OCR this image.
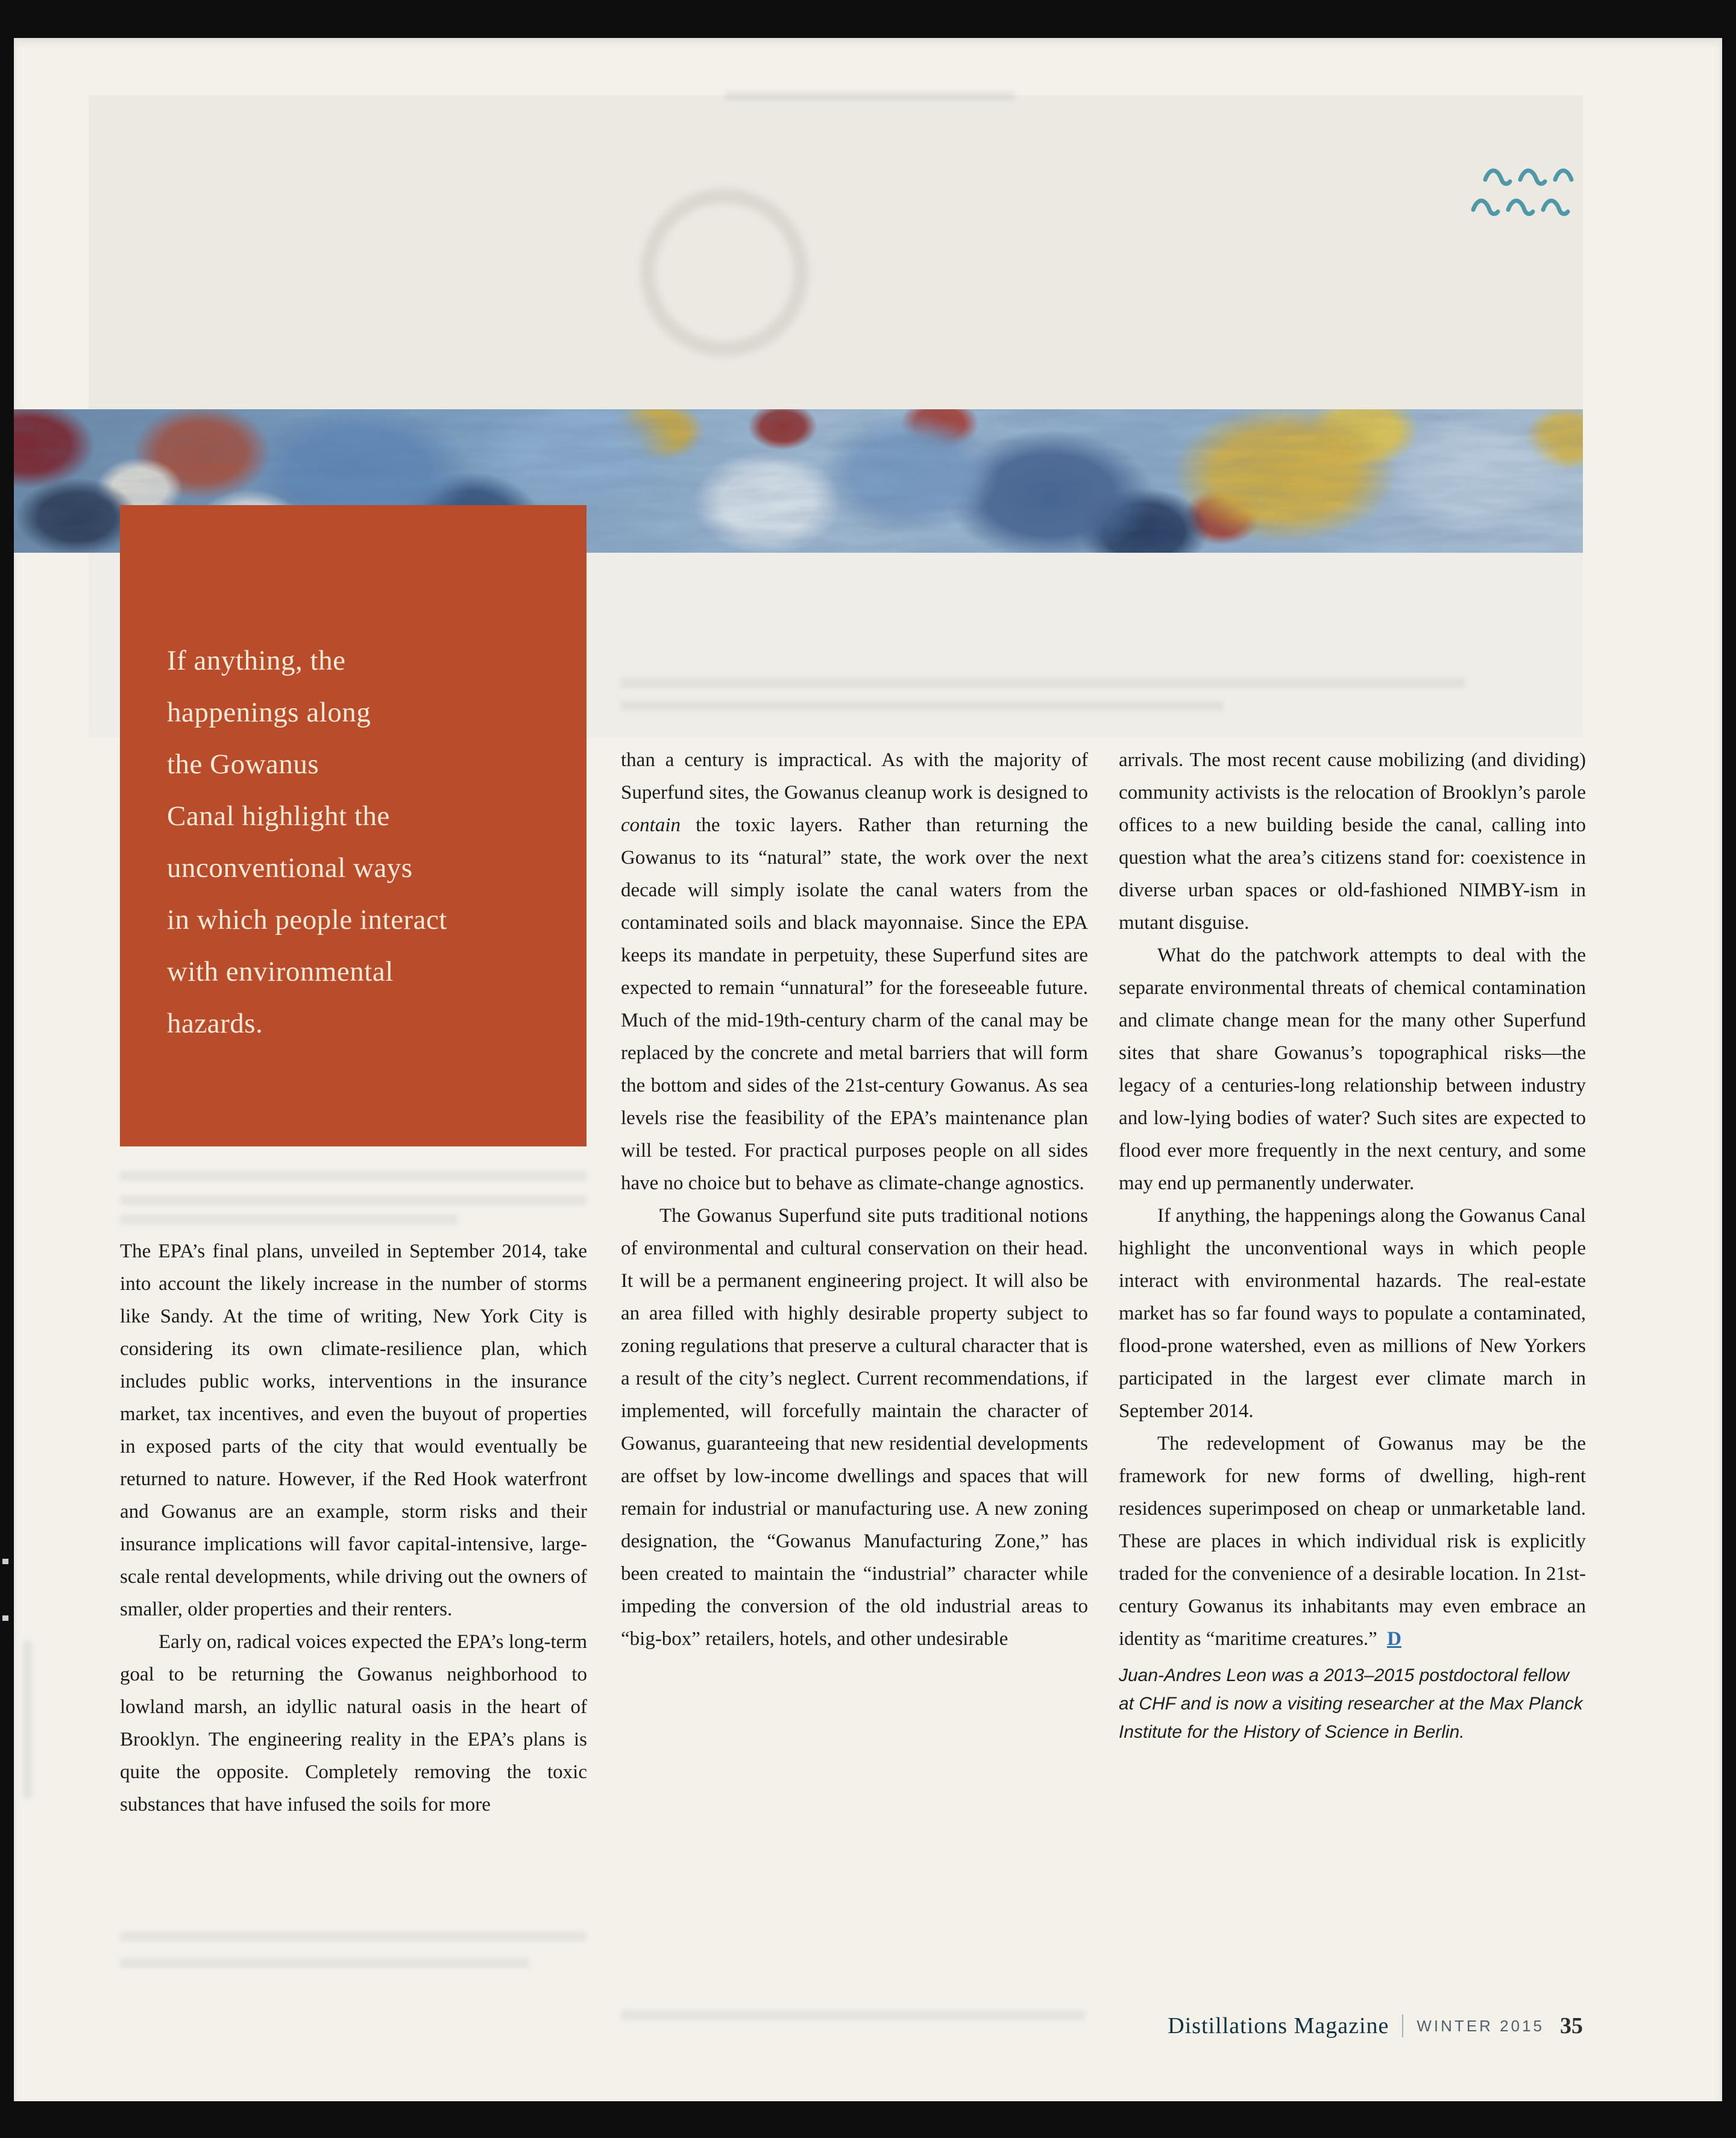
If anything, the
happenings along
the Gowanus
Canal highlight the
unconventional ways
in which people interact
with environmental
hazards.

The EPA’s final plans, unveiled in September 2014, take into account the likely increase in the number of storms like Sandy. At the time of writing, New York City is considering its own climate-resilience plan, which includes public works, interventions in the insurance market, tax incentives, and even the buyout of properties in exposed parts of the city that would eventually be returned to nature. However, if the Red Hook waterfront and Gowanus are an example, storm risks and their insurance implications will favor capital-intensive, large-scale rental developments, while driving out the owners of smaller, older properties and their renters.

Early on, radical voices expected the EPA’s long-term goal to be returning the Gowanus neighborhood to lowland marsh, an idyllic natural oasis in the heart of Brooklyn. The engineering reality in the EPA’s plans is quite the opposite. Completely removing the toxic substances that have infused the soils for more

than a century is impractical. As with the majority of Superfund sites, the Gowanus cleanup work is designed to contain the toxic layers. Rather than returning the Gowanus to its “natural” state, the work over the next decade will simply isolate the canal waters from the contaminated soils and black mayonnaise. Since the EPA keeps its mandate in perpetuity, these Superfund sites are expected to remain “unnatural” for the foreseeable future. Much of the mid-19th-century charm of the canal may be replaced by the concrete and metal barriers that will form the bottom and sides of the 21st-century Gowanus. As sea levels rise the feasibility of the EPA’s maintenance plan will be tested. For practical purposes people on all sides have no choice but to behave as climate-change agnostics.

The Gowanus Superfund site puts traditional notions of environmental and cultural conservation on their head. It will be a permanent engineering project. It will also be an area filled with highly desirable property subject to zoning regulations that preserve a cultural character that is a result of the city’s neglect. Current recommendations, if implemented, will forcefully maintain the character of Gowanus, guaranteeing that new residential developments are offset by low-income dwellings and spaces that will remain for industrial or manufacturing use. A new zoning designation, the “Gowanus Manufacturing Zone,” has been created to maintain the “industrial” character while impeding the conversion of the old industrial areas to “big-box” retailers, hotels, and other undesirable

arrivals. The most recent cause mobilizing (and dividing) community activists is the relocation of Brooklyn’s parole offices to a new building beside the canal, calling into question what the area’s citizens stand for: coexistence in diverse urban spaces or old-fashioned NIMBY-ism in mutant disguise.

What do the patchwork attempts to deal with the separate environmental threats of chemical contamination and climate change mean for the many other Superfund sites that share Gowanus’s topographical risks—the legacy of a centuries-long relationship between industry and low-lying bodies of water? Such sites are expected to flood ever more frequently in the next century, and some may end up permanently underwater.

If anything, the happenings along the Gowanus Canal highlight the unconventional ways in which people interact with environmental hazards. The real-estate market has so far found ways to populate a contaminated, flood-prone watershed, even as millions of New Yorkers participated in the largest ever climate march in September 2014.

The redevelopment of Gowanus may be the framework for new forms of dwelling, high-rent residences superimposed on cheap or unmarketable land. These are places in which individual risk is explicitly traded for the convenience of a desirable location. In 21st-century Gowanus its inhabitants may even embrace an identity as “maritime creatures.” D

Juan-Andres Leon was a 2013–2015 postdoctoral fellow at CHF and is now a visiting researcher at the Max Planck Institute for the History of Science in Berlin.
Distillations Magazine WINTER 2015 35
